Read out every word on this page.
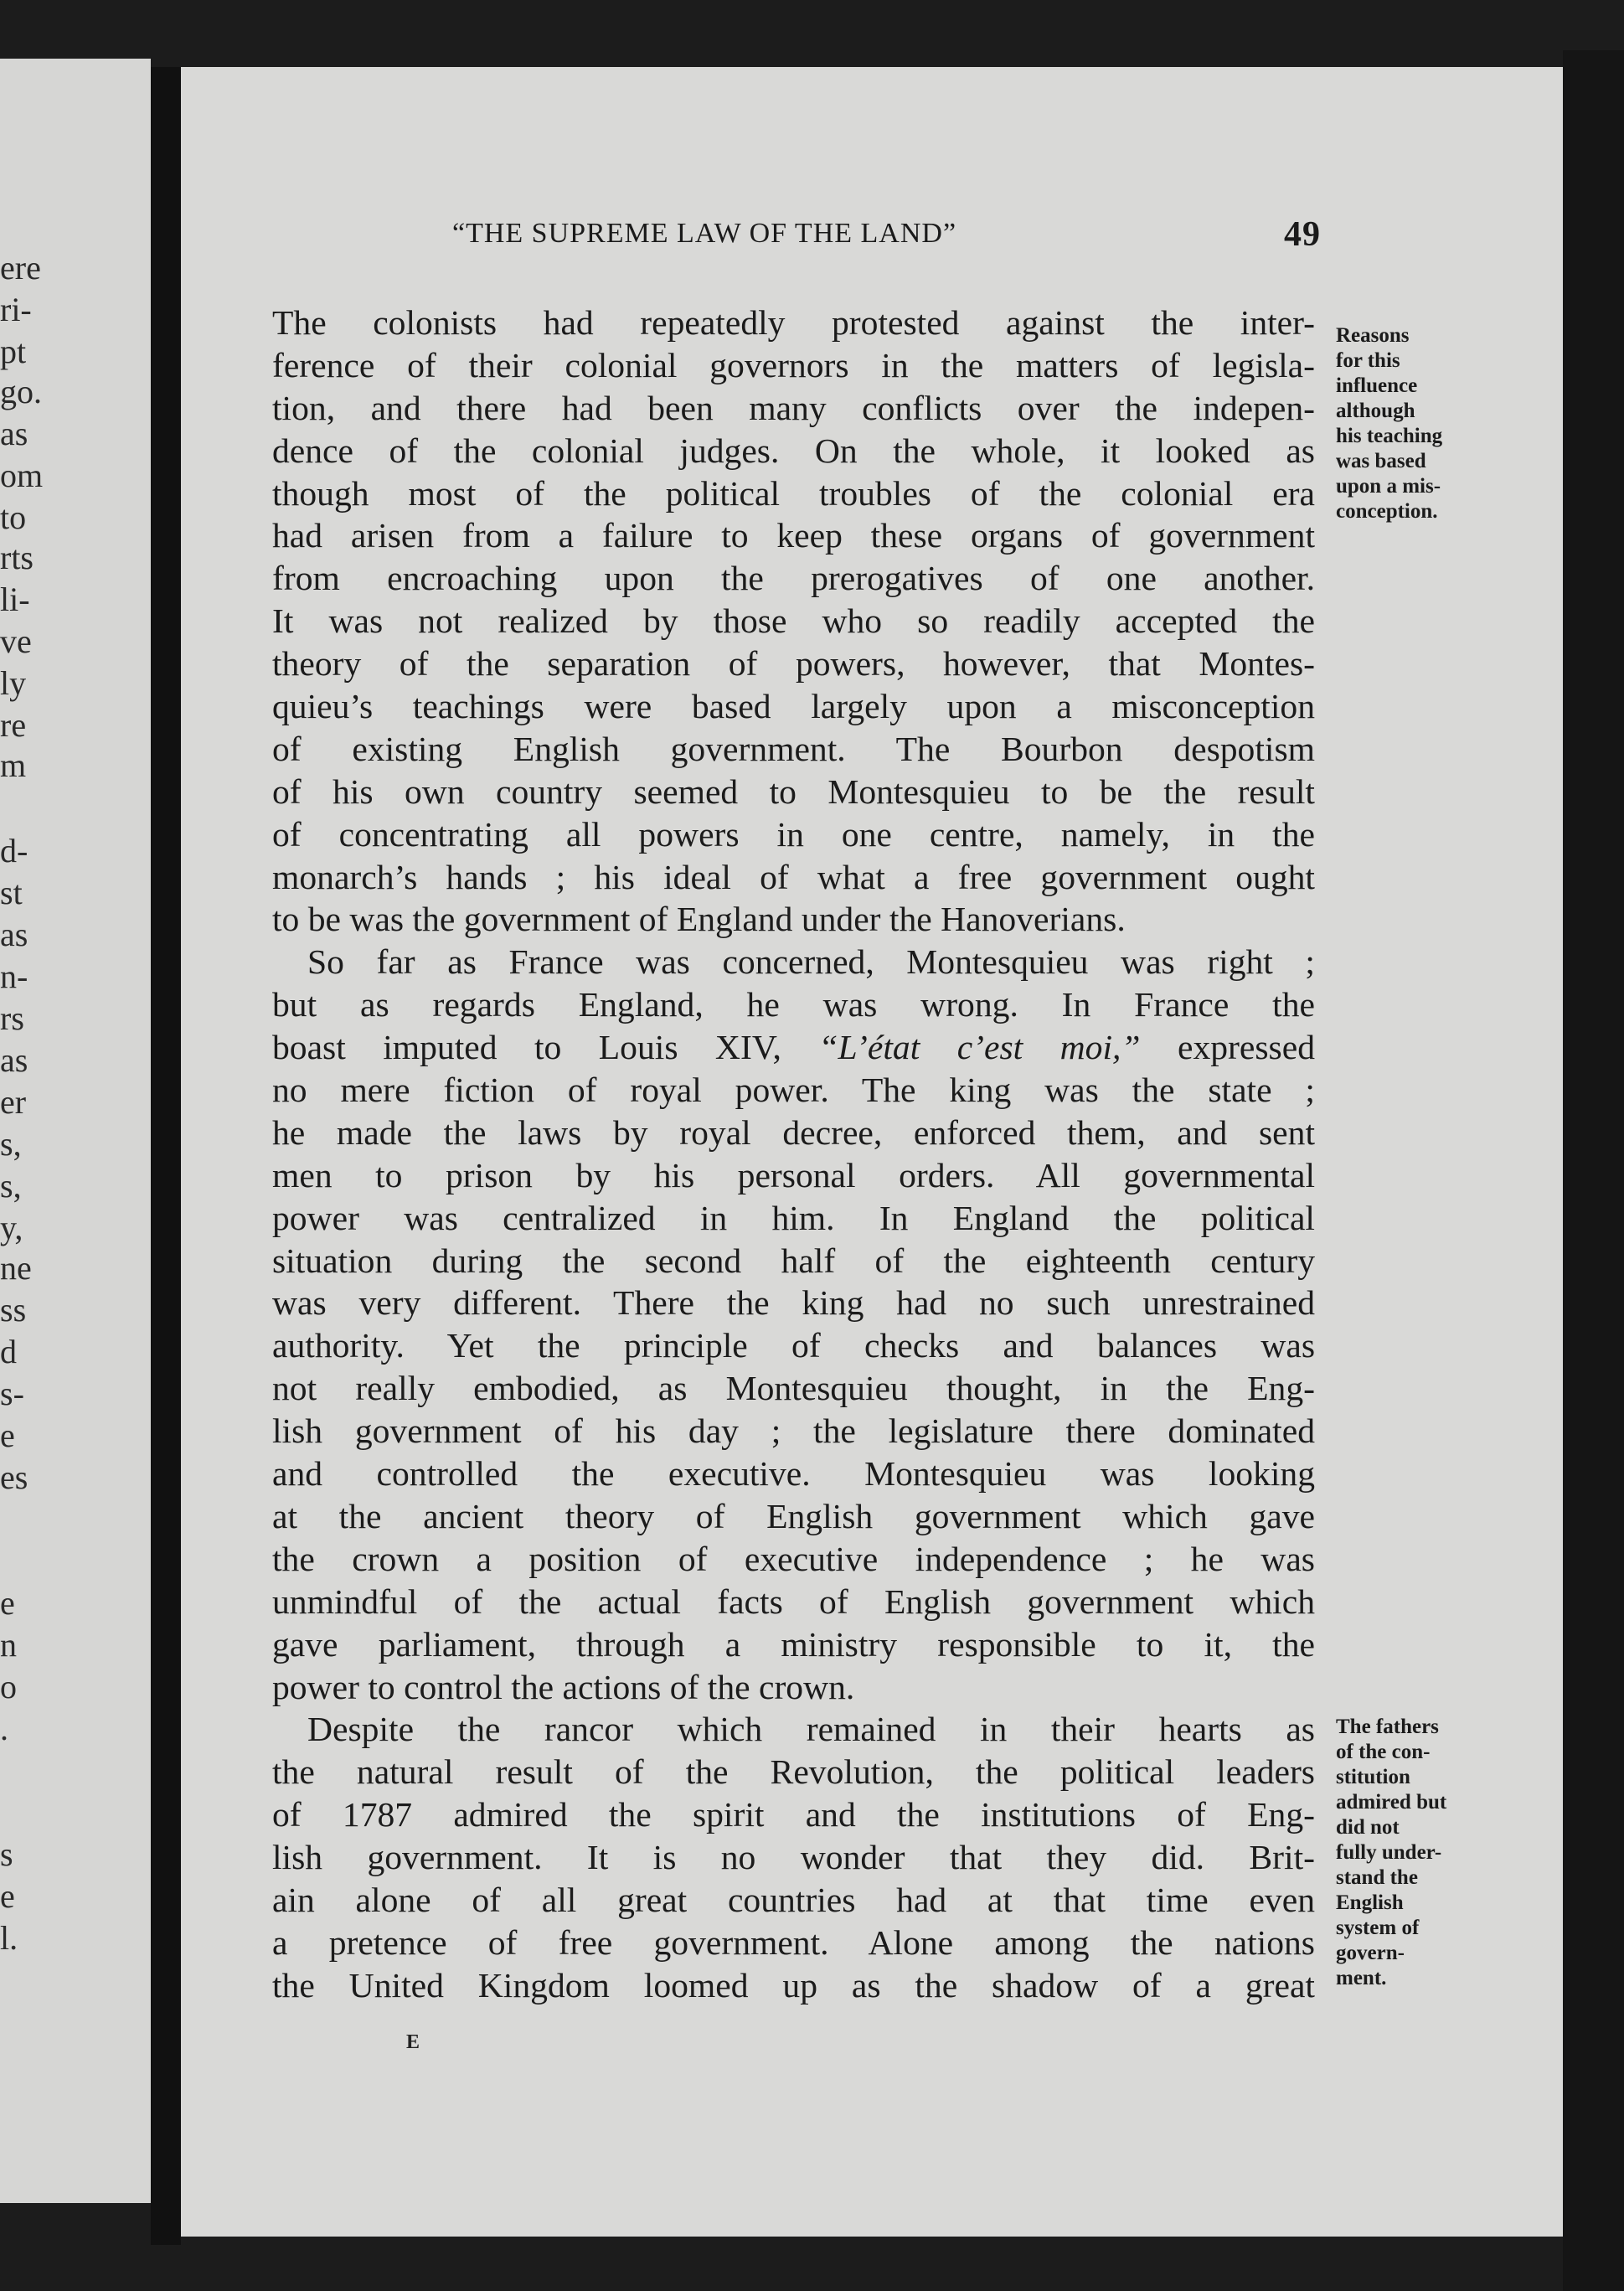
ere
ri-
pt
go.
as
om
to
rts
li-
ve
ly
re
m
d-
st
as
n-
rs
as
er
s,
s,
y,
ne
ss
d
s-
e
es
e
n
o
.
s
e
l.
“THE SUPREME LAW OF THE LAND”	49
The colonists had repeatedly protested against the inter-
ference of their colonial governors in the matters of legisla-
tion, and there had been many conflicts over the indepen-
dence of the colonial judges. On the whole, it looked as
though most of the political troubles of the colonial era
had arisen from a failure to keep these organs of government
from encroaching upon the prerogatives of one another.
It was not realized by those who so readily accepted the
theory of the separation of powers, however, that Montes-
quieu’s teachings were based largely upon a misconception
of existing English government. The Bourbon despotism
of his own country seemed to Montesquieu to be the result
of concentrating all powers in one centre, namely, in the
monarch’s hands ; his ideal of what a free government ought
to be was the government of England under the Hanoverians.
So far as France was concerned, Montesquieu was right ;
but as regards England, he was wrong. In France the
boast imputed to Louis XIV, “L’état c’est moi,” expressed
no mere fiction of royal power. The king was the state ;
he made the laws by royal decree, enforced them, and sent
men to prison by his personal orders. All governmental
power was centralized in him. In England the political
situation during the second half of the eighteenth century
was very different. There the king had no such unrestrained
authority. Yet the principle of checks and balances was
not really embodied, as Montesquieu thought, in the Eng-
lish government of his day ; the legislature there dominated
and controlled the executive. Montesquieu was looking
at the ancient theory of English government which gave
the crown a position of executive independence ; he was
unmindful of the actual facts of English government which
gave parliament, through a ministry responsible to it, the
power to control the actions of the crown.
Despite the rancor which remained in their hearts as
the natural result of the Revolution, the political leaders
of 1787 admired the spirit and the institutions of Eng-
lish government. It is no wonder that they did. Brit-
ain alone of all great countries had at that time even
a pretence of free government. Alone among the nations
the United Kingdom loomed up as the shadow of a great
Reasons
for this
influence
although
his teaching
was based
upon a mis-
conception.
The fathers
of the con-
stitution
admired but
did not
fully under-
stand the
English
system of
govern-
ment.
E
